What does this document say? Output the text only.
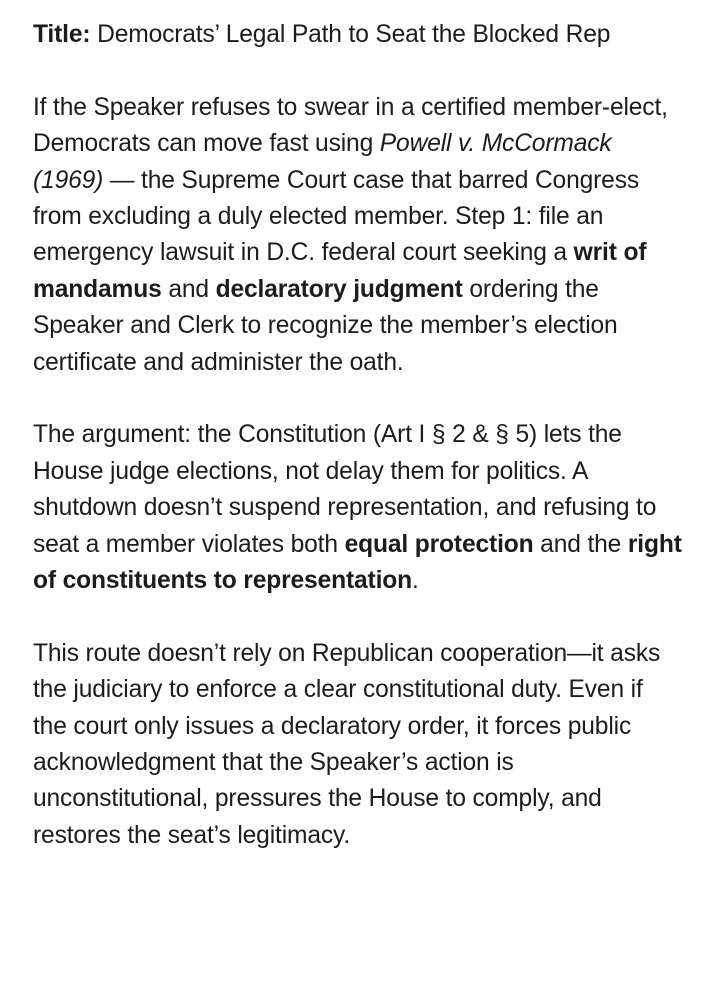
Title: Democrats’ Legal Path to Seat the Blocked Rep

If the Speaker refuses to swear in a certified member-elect, Democrats can move fast using Powell v. McCormack (1969) — the Supreme Court case that barred Congress from excluding a duly elected member. Step 1: file an emergency lawsuit in D.C. federal court seeking a writ of mandamus and declaratory judgment ordering the Speaker and Clerk to recognize the member’s election certificate and administer the oath.

The argument: the Constitution (Art I § 2 & § 5) lets the House judge elections, not delay them for politics. A shutdown doesn’t suspend representation, and refusing to seat a member violates both equal protection and the right of constituents to representation.

This route doesn’t rely on Republican cooperation—it asks the judiciary to enforce a clear constitutional duty. Even if the court only issues a declaratory order, it forces public acknowledgment that the Speaker’s action is unconstitutional, pressures the House to comply, and restores the seat’s legitimacy.
